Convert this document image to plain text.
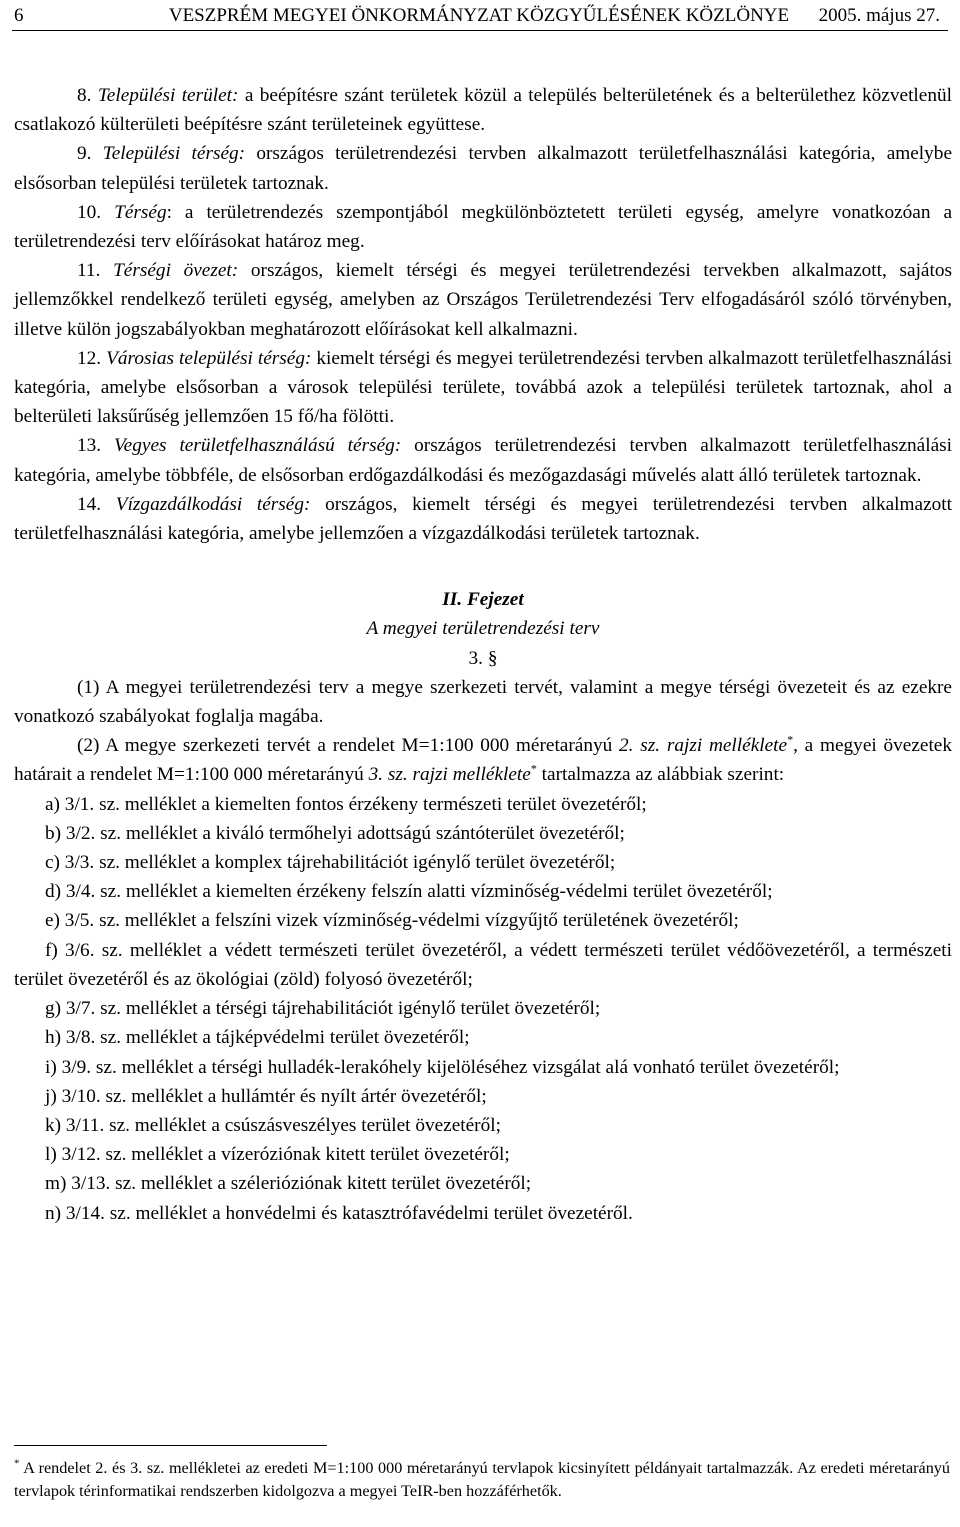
6	VESZPRÉM MEGYEI ÖNKORMÁNYZAT KÖZGYŰLÉSÉNEK KÖZLÖNYE	2005. május 27.

8. Települési terület: a beépítésre szánt területek közül a település belterületének és a belterülethez közvetlenül csatlakozó külterületi beépítésre szánt területeinek együttese.

9. Települési térség: országos területrendezési tervben alkalmazott területfelhasználási kategória, amelybe elsősorban települési területek tartoznak.

10. Térség: a területrendezés szempontjából megkülönböztetett területi egység, amelyre vonatkozóan a területrendezési terv előírásokat határoz meg.

11. Térségi övezet: országos, kiemelt térségi és megyei területrendezési tervekben alkalmazott, sajátos jellemzőkkel rendelkező területi egység, amelyben az Országos Területrendezési Terv elfogadásáról szóló törvényben, illetve külön jogszabályokban meghatározott előírásokat kell alkalmazni.

12. Városias települési térség: kiemelt térségi és megyei területrendezési tervben alkalmazott területfelhasználási kategória, amelybe elsősorban a városok települési területe, továbbá azok a települési területek tartoznak, ahol a belterületi laksűrűség jellemzően 15 fő/ha fölötti.

13. Vegyes területfelhasználású térség: országos területrendezési tervben alkalmazott területfelhasználási kategória, amelybe többféle, de elsősorban erdőgazdálkodási és mezőgazdasági művelés alatt álló területek tartoznak.

14. Vízgazdálkodási térség: országos, kiemelt térségi és megyei területrendezési tervben alkalmazott területfelhasználási kategória, amelybe jellemzően a vízgazdálkodási területek tartoznak.

II. Fejezet

A megyei területrendezési terv

3. §

(1) A megyei területrendezési terv a megye szerkezeti tervét, valamint a megye térségi övezeteit és az ezekre vonatkozó szabályokat foglalja magába.

(2) A megye szerkezeti tervét a rendelet M=1:100 000 méretarányú 2. sz. rajzi melléklete*, a megyei övezetek határait a rendelet M=1:100 000 méretarányú 3. sz. rajzi melléklete* tartalmazza az alábbiak szerint:

a) 3/1. sz. melléklet a kiemelten fontos érzékeny természeti terület övezetéről;

b) 3/2. sz. melléklet a kiváló termőhelyi adottságú szántóterület övezetéről;

c) 3/3. sz. melléklet a komplex tájrehabilitációt igénylő terület övezetéről;

d) 3/4. sz. melléklet a kiemelten érzékeny felszín alatti vízminőség-védelmi terület övezetéről;

e) 3/5. sz. melléklet a felszíni vizek vízminőség-védelmi vízgyűjtő területének övezetéről;

f) 3/6. sz. melléklet a védett természeti terület övezetéről, a védett természeti terület védőövezetéről, a természeti terület övezetéről és az ökológiai (zöld) folyosó övezetéről;

g) 3/7. sz. melléklet a térségi tájrehabilitációt igénylő terület övezetéről;

h) 3/8. sz. melléklet a tájképvédelmi terület övezetéről;

i) 3/9. sz. melléklet a térségi hulladék-lerakóhely kijelöléséhez vizsgálat alá vonható terület övezetéről;

j) 3/10. sz. melléklet a hullámtér és nyílt ártér övezetéről;

k) 3/11. sz. melléklet a csúszásveszélyes terület övezetéről;

l) 3/12. sz. melléklet a vízeróziónak kitett terület övezetéről;

m) 3/13. sz. melléklet a szélerióziónak kitett terület övezetéről;

n) 3/14. sz. melléklet a honvédelmi és katasztrófavédelmi terület övezetéről.

* A rendelet 2. és 3. sz. mellékletei az eredeti M=1:100 000 méretarányú tervlapok kicsinyített példányait tartalmazzák. Az eredeti méretarányú tervlapok térinformatikai rendszerben kidolgozva a megyei TeIR-ben hozzáférhetők.
